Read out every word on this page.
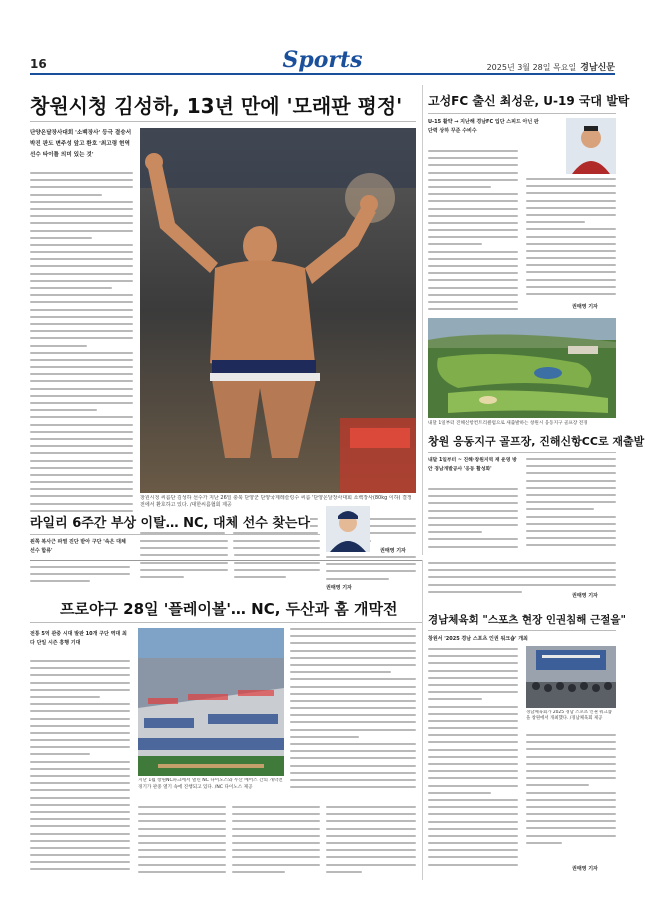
16	Sports	2025년 3월 28일 목요일 경남신문
창원시청 김성하, 13년 만에 '모래판 평정'
단양온달장사대회 '소백장사' 등극 결승서 박진 판도 변주성 앞고 환호 '최고령 현역 선수 타이틀 의미 있는 것'
창원시청 씨름단 김성하 선수가 지난 26일 충북 단양군 단양국제레슬링수 씨름 '단양온달장사대회 소백장사(80kg 이하) 결정전에서 환호하고 있다. /대한씨름협회 제공
권태영 기자
고성FC 출신 최성운, U-19 국대 발탁
U-15 활약 → 지난해 경남FC 입단 스피드 아닌 판단력 상하 꾸준 수비수
권태영 기자
내달 1일부터 진해신항컨트리클럽으로 새출발하는 창원시 웅동지구 골프장 전경
창원 응동지구 골프장, 진해신항CC로 재출발
내달 1일부터 ~ 진해·창원지역 재 운영 방안 경남개발공사 '웅동 활성화'
라일리 6주간 부상 이탈… NC, 대체 선수 찾는다
왼쪽 복사근 파열 진단 받아 구단 '속은 대체 선수 합류'
프로야구 28일 '플레이볼'… NC, 두산과 홈 개막전
권태영 기자
전통 5억 관중 시대 발판 10개 구단 역대 최다 단일 시즌 흥행 기대
지난 1월 창원NC파크에서 열린 NC 다이노스와 두산 베어스 간의 개막전 경기가 관중 열기 속에 진행되고 있다. /NC 다이노스 제공
권태영 기자
경남체육회 "스포츠 현장 인권침해 근절을"
창원서 '2025 경남 스포츠 인권 워크숍' 개최
경남체육회가 2025 경남 스포츠 인권 워크숍을 창원에서 개최했다. /경남체육회 제공
권태영 기자
